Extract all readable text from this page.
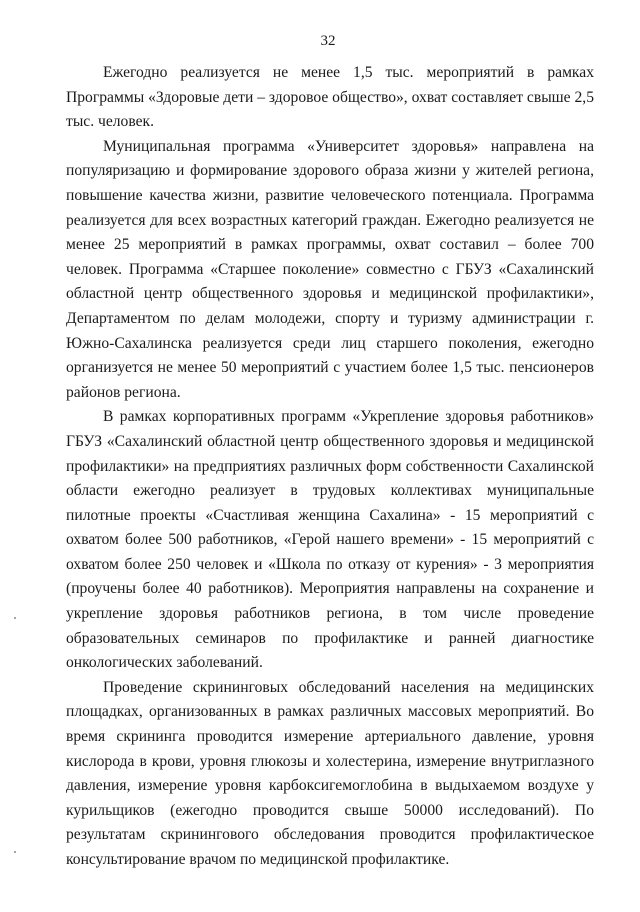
32

Ежегодно реализуется не менее 1,5 тыс. мероприятий в рамках Программы «Здоровые дети – здоровое общество», охват составляет свыше 2,5 тыс. человек.

Муниципальная программа «Университет здоровья» направлена на популяризацию и формирование здорового образа жизни у жителей региона, повышение качества жизни, развитие человеческого потенциала. Программа реализуется для всех возрастных категорий граждан. Ежегодно реализуется не менее 25 мероприятий в рамках программы, охват составил – более 700 человек. Программа «Старшее поколение» совместно с ГБУЗ «Сахалинский областной центр общественного здоровья и медицинской профилактики», Департаментом по делам молодежи, спорту и туризму администрации г. Южно-Сахалинска реализуется среди лиц старшего поколения, ежегодно организуется не менее 50 мероприятий с участием более 1,5 тыс. пенсионеров районов региона.

В рамках корпоративных программ «Укрепление здоровья работников» ГБУЗ «Сахалинский областной центр общественного здоровья и медицинской профилактики» на предприятиях различных форм собственности Сахалинской области ежегодно реализует в трудовых коллективах муниципальные пилотные проекты «Счастливая женщина Сахалина» - 15 мероприятий с охватом более 500 работников, «Герой нашего времени» - 15 мероприятий с охватом более 250 человек и «Школа по отказу от курения» - 3 мероприятия (проучены более 40 работников). Мероприятия направлены на сохранение и укрепление здоровья работников региона, в том числе проведение образовательных семинаров по профилактике и ранней диагностике онкологических заболеваний.

Проведение скрининговых обследований населения на медицинских площадках, организованных в рамках различных массовых мероприятий. Во время скрининга проводится измерение артериального давление, уровня кислорода в крови, уровня глюкозы и холестерина, измерение внутриглазного давления, измерение уровня карбоксигемоглобина в выдыхаемом воздухе у курильщиков (ежегодно проводится свыше 50000 исследований). По результатам скринингового обследования проводится профилактическое консультирование врачом по медицинской профилактике.
